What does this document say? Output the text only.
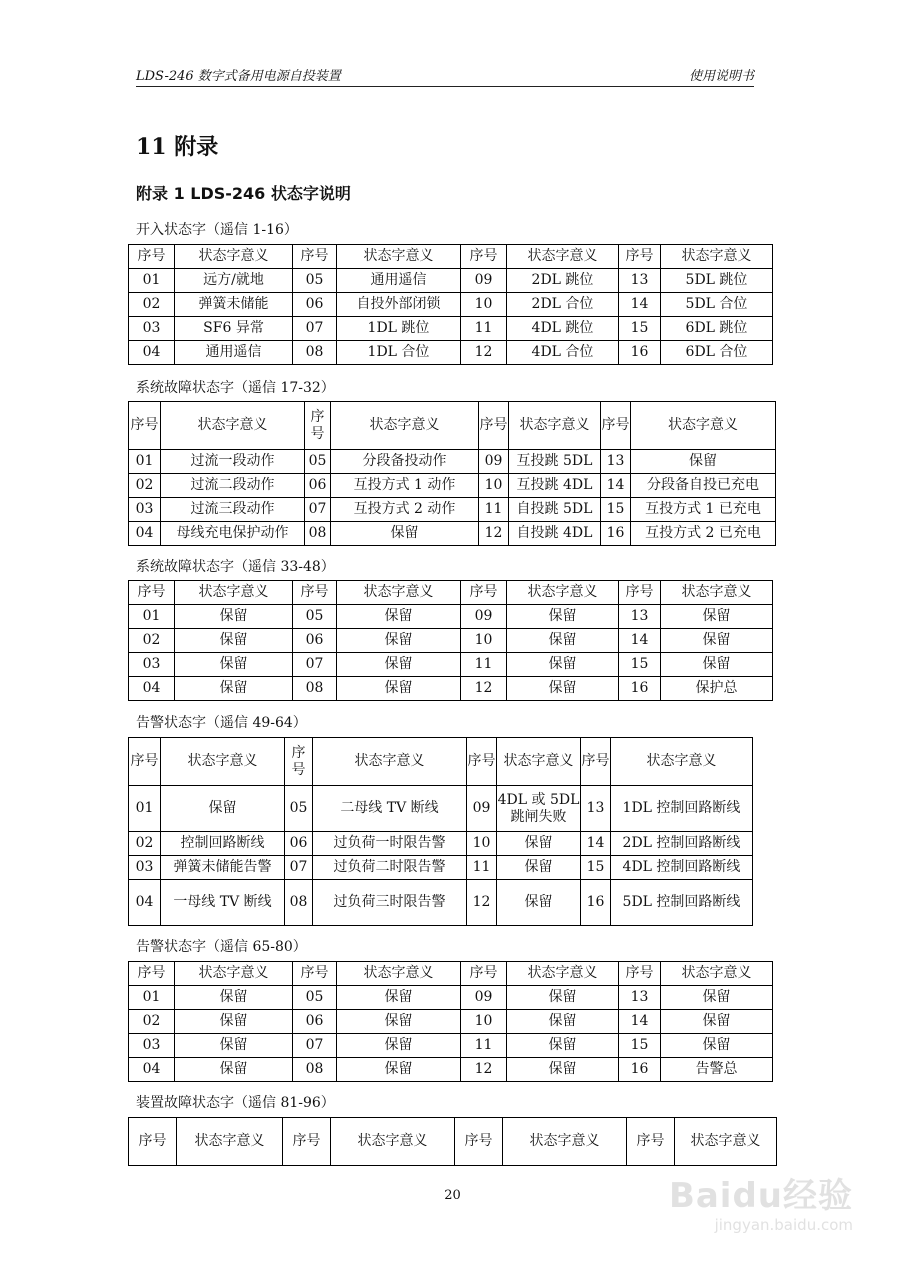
LDS-246 数字式备用电源自投装置	使用说明书
11 附录
附录 1 LDS-246 状态字说明
开入状态字（遥信 1-16）
序号	状态字意义	序号	状态字意义	序号	状态字意义	序号	状态字意义
01	远方/就地	05	通用遥信	09	2DL 跳位	13	5DL 跳位
02	弹簧未储能	06	自投外部闭锁	10	2DL 合位	14	5DL 合位
03	SF6 异常	07	1DL 跳位	11	4DL 跳位	15	6DL 跳位
04	通用遥信	08	1DL 合位	12	4DL 合位	16	6DL 合位
系统故障状态字（遥信 17-32）
序号	状态字意义	序号	状态字意义	序号	状态字意义	序号	状态字意义
01	过流一段动作	05	分段备投动作	09	互投跳 5DL	13	保留
02	过流二段动作	06	互投方式 1 动作	10	互投跳 4DL	14	分段备自投已充电
03	过流三段动作	07	互投方式 2 动作	11	自投跳 5DL	15	互投方式 1 已充电
04	母线充电保护动作	08	保留	12	自投跳 4DL	16	互投方式 2 已充电
系统故障状态字（遥信 33-48）
序号	状态字意义	序号	状态字意义	序号	状态字意义	序号	状态字意义
01	保留	05	保留	09	保留	13	保留
02	保留	06	保留	10	保留	14	保留
03	保留	07	保留	11	保留	15	保留
04	保留	08	保留	12	保留	16	保护总
告警状态字（遥信 49-64）
序号	状态字意义	序号	状态字意义	序号	状态字意义	序号	状态字意义
01	保留	05	二母线 TV 断线	09	4DL 或 5DL 跳闸失败	13	1DL 控制回路断线
02	控制回路断线	06	过负荷一时限告警	10	保留	14	2DL 控制回路断线
03	弹簧未储能告警	07	过负荷二时限告警	11	保留	15	4DL 控制回路断线
04	一母线 TV 断线	08	过负荷三时限告警	12	保留	16	5DL 控制回路断线
告警状态字（遥信 65-80）
序号	状态字意义	序号	状态字意义	序号	状态字意义	序号	状态字意义
01	保留	05	保留	09	保留	13	保留
02	保留	06	保留	10	保留	14	保留
03	保留	07	保留	11	保留	15	保留
04	保留	08	保留	12	保留	16	告警总
装置故障状态字（遥信 81-96）
序号	状态字意义	序号	状态字意义	序号	状态字意义	序号	状态字意义
20	Baidu经验
jingyan.baidu.com
